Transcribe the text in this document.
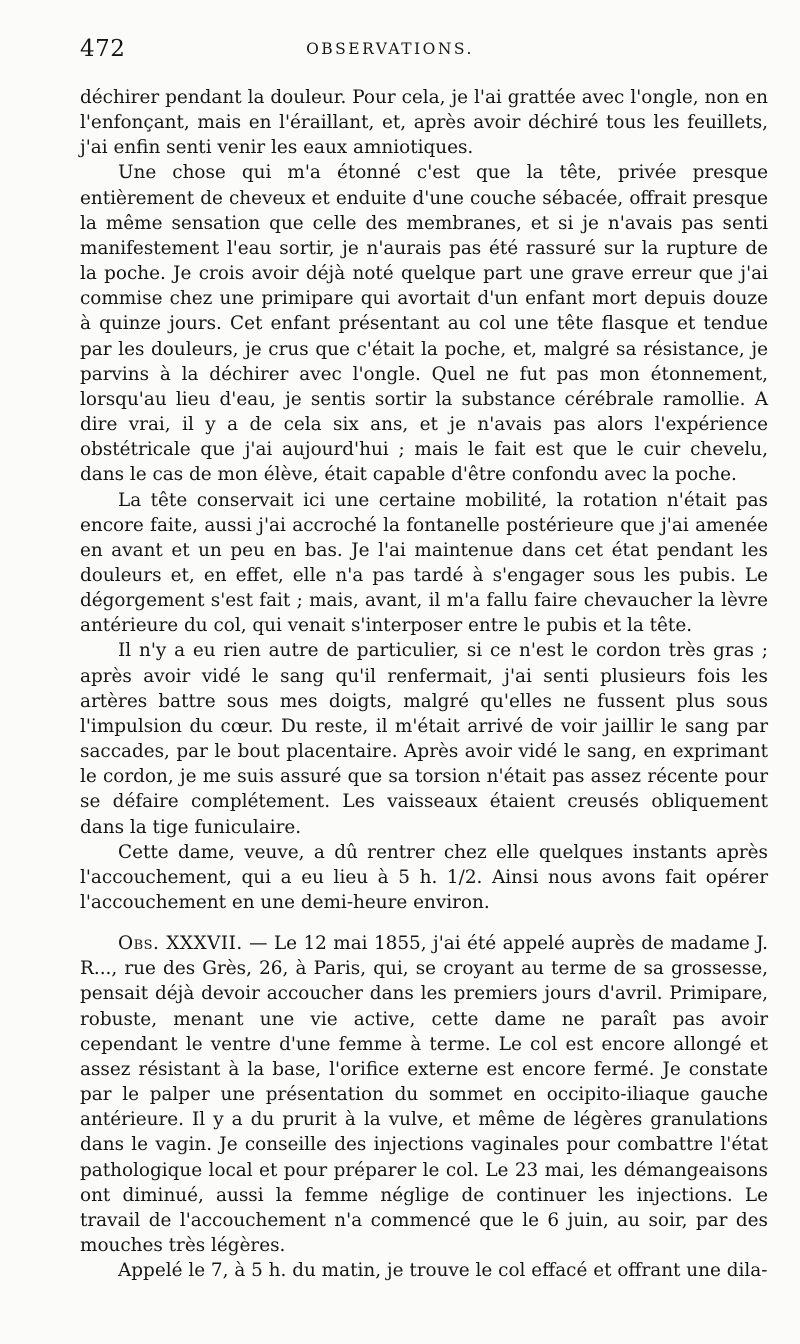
472	OBSERVATIONS.

déchirer pendant la douleur. Pour cela, je l'ai grattée avec l'ongle, non en l'enfonçant, mais en l'éraillant, et, après avoir déchiré tous les feuillets, j'ai enfin senti venir les eaux amniotiques.

Une chose qui m'a étonné c'est que la tête, privée presque entièrement de cheveux et enduite d'une couche sébacée, offrait presque la même sensation que celle des membranes, et si je n'avais pas senti manifestement l'eau sortir, je n'aurais pas été rassuré sur la rupture de la poche. Je crois avoir déjà noté quelque part une grave erreur que j'ai commise chez une primipare qui avortait d'un enfant mort depuis douze à quinze jours. Cet enfant présentant au col une tête flasque et tendue par les douleurs, je crus que c'était la poche, et, malgré sa résistance, je parvins à la déchirer avec l'ongle. Quel ne fut pas mon étonnement, lorsqu'au lieu d'eau, je sentis sortir la substance cérébrale ramollie. A dire vrai, il y a de cela six ans, et je n'avais pas alors l'expérience obstétricale que j'ai aujourd'hui ; mais le fait est que le cuir chevelu, dans le cas de mon élève, était capable d'être confondu avec la poche.

La tête conservait ici une certaine mobilité, la rotation n'était pas encore faite, aussi j'ai accroché la fontanelle postérieure que j'ai amenée en avant et un peu en bas. Je l'ai maintenue dans cet état pendant les douleurs et, en effet, elle n'a pas tardé à s'engager sous les pubis. Le dégorgement s'est fait ; mais, avant, il m'a fallu faire chevaucher la lèvre antérieure du col, qui venait s'interposer entre le pubis et la tête.

Il n'y a eu rien autre de particulier, si ce n'est le cordon très gras ; après avoir vidé le sang qu'il renfermait, j'ai senti plusieurs fois les artères battre sous mes doigts, malgré qu'elles ne fussent plus sous l'impulsion du cœur. Du reste, il m'était arrivé de voir jaillir le sang par saccades, par le bout placentaire. Après avoir vidé le sang, en exprimant le cordon, je me suis assuré que sa torsion n'était pas assez récente pour se défaire complétement. Les vaisseaux étaient creusés obliquement dans la tige funiculaire.

Cette dame, veuve, a dû rentrer chez elle quelques instants après l'accouchement, qui a eu lieu à 5 h. 1/2. Ainsi nous avons fait opérer l'accouchement en une demi-heure environ.

Obs. XXXVII. — Le 12 mai 1855, j'ai été appelé auprès de madame J. R..., rue des Grès, 26, à Paris, qui, se croyant au terme de sa grossesse, pensait déjà devoir accoucher dans les premiers jours d'avril. Primipare, robuste, menant une vie active, cette dame ne paraît pas avoir cependant le ventre d'une femme à terme. Le col est encore allongé et assez résistant à la base, l'orifice externe est encore fermé. Je constate par le palper une présentation du sommet en occipito-iliaque gauche antérieure. Il y a du prurit à la vulve, et même de légères granulations dans le vagin. Je conseille des injections vaginales pour combattre l'état pathologique local et pour préparer le col. Le 23 mai, les démangeaisons ont diminué, aussi la femme néglige de continuer les injections. Le travail de l'accouchement n'a commencé que le 6 juin, au soir, par des mouches très légères.

Appelé le 7, à 5 h. du matin, je trouve le col effacé et offrant une dila-
